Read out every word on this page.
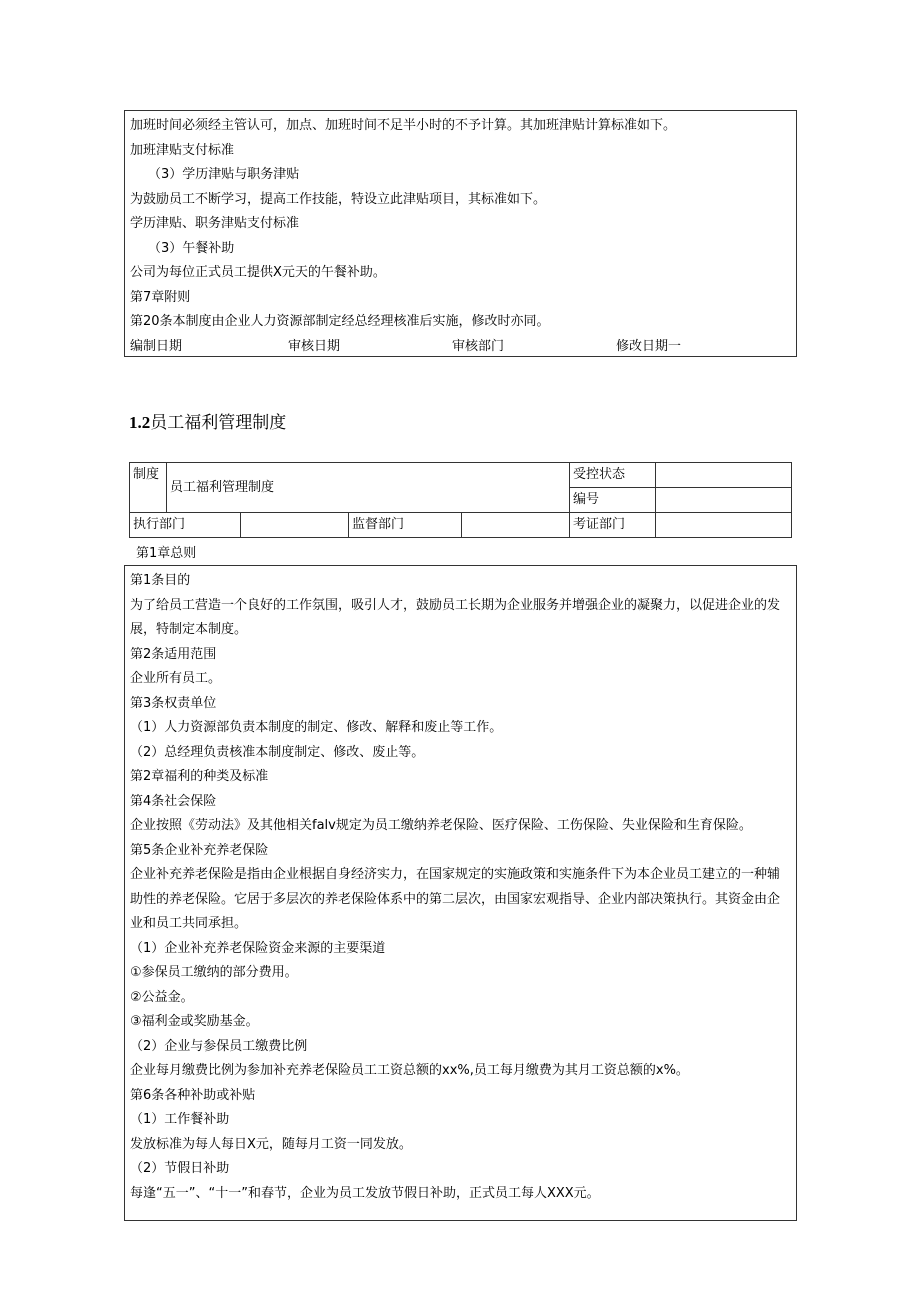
加班时间必须经主管认可，加点、加班时间不足半小时的不予计算。其加班津贴计算标准如下。
加班津贴支付标准
（3）学历津贴与职务津贴
为鼓励员工不断学习，提高工作技能，特设立此津贴项目，其标准如下。
学历津贴、职务津贴支付标准
（3）午餐补助
公司为每位正式员工提供X元天的午餐补助。
第7章附则
第20条本制度由企业人力资源部制定经总经理核准后实施，修改时亦同。
编制日期	审核日期	审核部门	修改日期一
1.2员工福利管理制度
制度	员工福利管理制度				受控状态	
					编号	
执行部门			监督部门		考证部门	
第1章总则
第1条目的
为了给员工营造一个良好的工作氛围，吸引人才，鼓励员工长期为企业服务并增强企业的凝聚力，以促进企业的发展，特制定本制度。
第2条适用范围
企业所有员工。
第3条权责单位
（1）人力资源部负责本制度的制定、修改、解释和废止等工作。
（2）总经理负责核准本制度制定、修改、废止等。
第2章福利的种类及标准
第4条社会保险
企业按照《劳动法》及其他相关falv规定为员工缴纳养老保险、医疗保险、工伤保险、失业保险和生育保险。
第5条企业补充养老保险
企业补充养老保险是指由企业根据自身经济实力，在国家规定的实施政策和实施条件下为本企业员工建立的一种辅助性的养老保险。它居于多层次的养老保险体系中的第二层次，由国家宏观指导、企业内部决策执行。其资金由企业和员工共同承担。
（1）企业补充养老保险资金来源的主要渠道
①参保员工缴纳的部分费用。
②公益金。
③福利金或奖励基金。
（2）企业与参保员工缴费比例
企业每月缴费比例为参加补充养老保险员工工资总额的xx%,员工每月缴费为其月工资总额的x%。
第6条各种补助或补贴
（1）工作餐补助
发放标准为每人每日X元，随每月工资一同发放。
（2）节假日补助
每逢“五一”、“十一”和春节，企业为员工发放节假日补助，正式员工每人XXX元。
